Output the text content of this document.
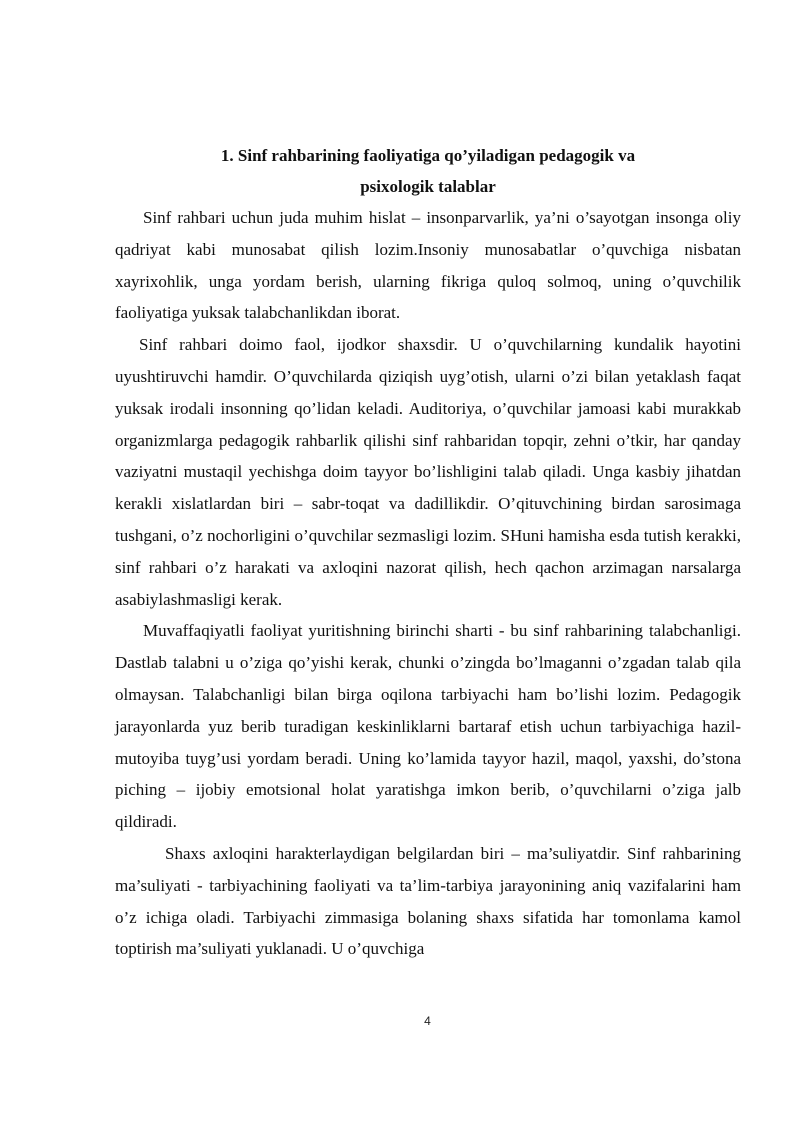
1. Sinf rahbarining faoliyatiga qo’yiladigan pedagogik va
psixologik talablar

Sinf rahbari uchun juda muhim hislat – insonparvarlik, ya’ni o’sayotgan insonga oliy qadriyat kabi munosabat qilish lozim.Insoniy munosabatlar o’quvchiga nisbatan xayrixohlik, unga yordam berish, ularning fikriga quloq solmoq, uning o’quvchilik faoliyatiga yuksak talabchanlikdan iborat.

Sinf rahbari doimo faol, ijodkor shaxsdir. U o’quvchilarning kundalik hayotini uyushtiruvchi hamdir. O’quvchilarda qiziqish uyg’otish, ularni o’zi bilan yetaklash faqat yuksak irodali insonning qo’lidan keladi. Auditoriya, o’quvchilar jamoasi kabi murakkab organizmlarga pedagogik rahbarlik qilishi sinf rahbaridan topqir, zehni o’tkir, har qanday vaziyatni mustaqil yechishga doim tayyor bo’lishligini talab qiladi. Unga kasbiy jihatdan kerakli xislatlardan biri – sabr-toqat va dadillikdir. O’qituvchining birdan sarosimaga tushgani, o’z nochorligini o’quvchilar sezmasligi lozim. SHuni hamisha esda tutish kerakki, sinf rahbari o’z harakati va axloqini nazorat qilish, hech qachon arzimagan narsalarga asabiylashmasligi kerak.

Muvaffaqiyatli faoliyat yuritishning birinchi sharti - bu sinf rahbarining talabchanligi. Dastlab talabni u o’ziga qo’yishi kerak, chunki o’zingda bo’lmaganni o’zgadan talab qila olmaysan. Talabchanligi bilan birga oqilona tarbiyachi ham bo’lishi lozim. Pedagogik jarayonlarda yuz berib turadigan keskinliklarni bartaraf etish uchun tarbiyachiga hazil-mutoyiba tuyg’usi yordam beradi. Uning ko’lamida tayyor hazil, maqol, yaxshi, do’stona piching – ijobiy emotsional holat yaratishga imkon berib, o’quvchilarni o’ziga jalb qildiradi.

Shaxs axloqini harakterlaydigan belgilardan biri – ma’suliyatdir. Sinf rahbarining ma’suliyati - tarbiyachining faoliyati va ta’lim-tarbiya jarayonining aniq vazifalarini ham o’z ichiga oladi. Tarbiyachi zimmasiga bolaning shaxs sifatida har tomonlama kamol toptirish ma’suliyati yuklanadi. U o’quvchiga

4
